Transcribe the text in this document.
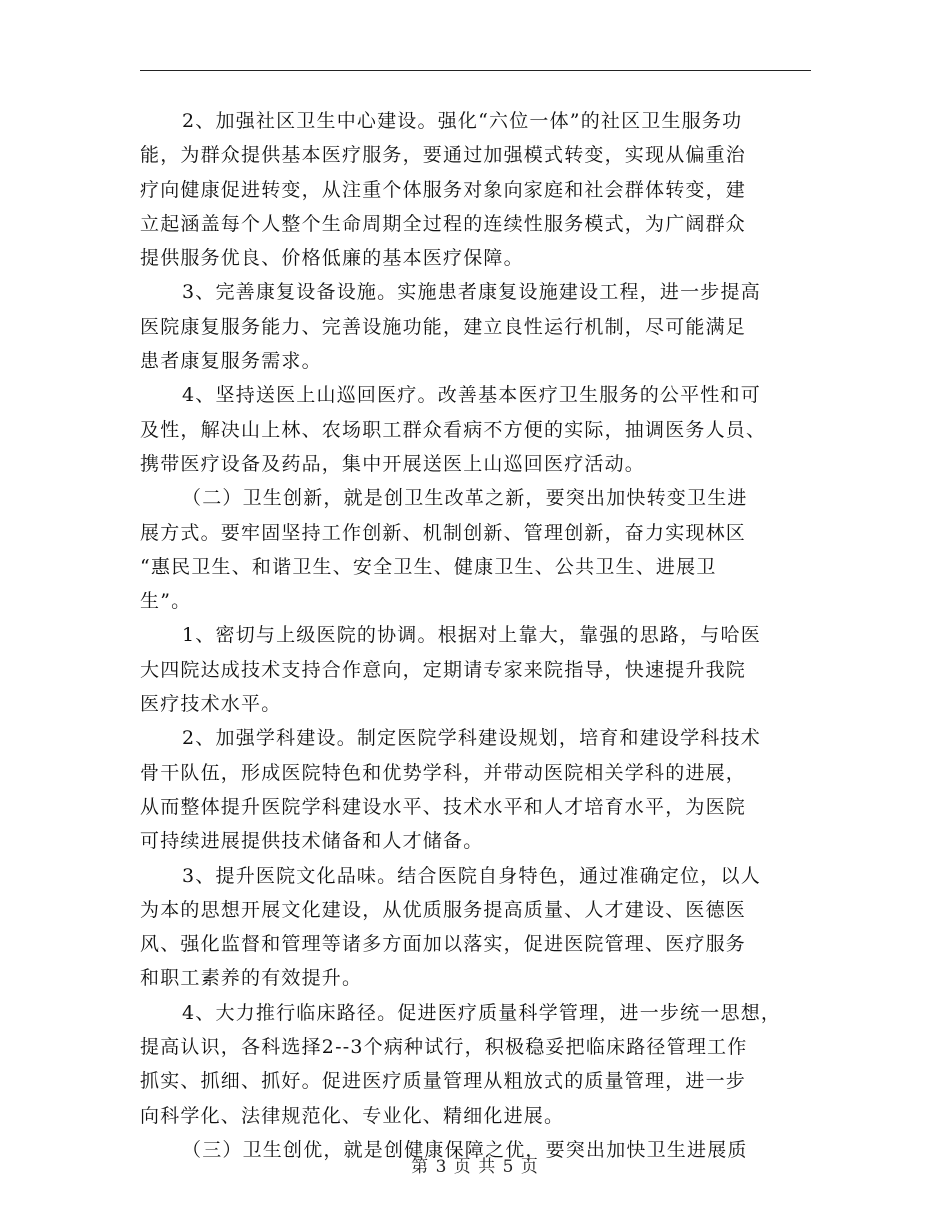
2、加强社区卫生中心建设。强化“六位一体”的社区卫生服务功
能，为群众提供基本医疗服务，要通过加强模式转变，实现从偏重治
疗向健康促进转变，从注重个体服务对象向家庭和社会群体转变，建
立起涵盖每个人整个生命周期全过程的连续性服务模式，为广阔群众
提供服务优良、价格低廉的基本医疗保障。
3、完善康复设备设施。实施患者康复设施建设工程，进一步提高
医院康复服务能力、完善设施功能，建立良性运行机制，尽可能满足
患者康复服务需求。
4、坚持送医上山巡回医疗。改善基本医疗卫生服务的公平性和可
及性，解决山上林、农场职工群众看病不方便的实际，抽调医务人员、
携带医疗设备及药品，集中开展送医上山巡回医疗活动。
（二）卫生创新，就是创卫生改革之新，要突出加快转变卫生进
展方式。要牢固坚持工作创新、机制创新、管理创新，奋力实现林区
“惠民卫生、和谐卫生、安全卫生、健康卫生、公共卫生、进展卫
生”。
1、密切与上级医院的协调。根据对上靠大，靠强的思路，与哈医
大四院达成技术支持合作意向，定期请专家来院指导，快速提升我院
医疗技术水平。
2、加强学科建设。制定医院学科建设规划，培育和建设学科技术
骨干队伍，形成医院特色和优势学科，并带动医院相关学科的进展，
从而整体提升医院学科建设水平、技术水平和人才培育水平，为医院
可持续进展提供技术储备和人才储备。
3、提升医院文化品味。结合医院自身特色，通过准确定位，以人
为本的思想开展文化建设，从优质服务提高质量、人才建设、医德医
风、强化监督和管理等诸多方面加以落实，促进医院管理、医疗服务
和职工素养的有效提升。
4、大力推行临床路径。促进医疗质量科学管理，进一步统一思想，
提高认识，各科选择2--3个病种试行，积极稳妥把临床路径管理工作
抓实、抓细、抓好。促进医疗质量管理从粗放式的质量管理，进一步
向科学化、法律规范化、专业化、精细化进展。
（三）卫生创优，就是创健康保障之优，要突出加快卫生进展质
第 3 页 共 5 页
